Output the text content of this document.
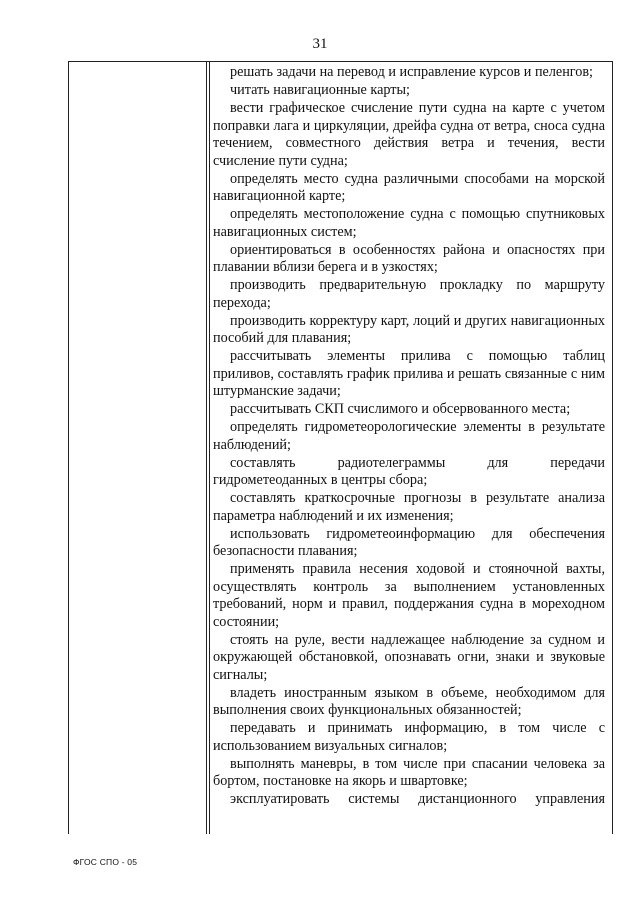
31

решать задачи на перевод и исправление курсов и пеленгов;

читать навигационные карты;

вести графическое счисление пути судна на карте с учетом поправки лага и циркуляции, дрейфа судна от ветра, сноса судна течением, совместного действия ветра и течения, вести счисление пути судна;

определять место судна различными способами на морской навигационной карте;

определять местоположение судна с помощью спутниковых навигационных систем;

ориентироваться в особенностях района и опасностях при плавании вблизи берега и в узкостях;

производить предварительную прокладку по маршруту перехода;

производить корректуру карт, лоций и других навигационных пособий для плавания;

рассчитывать элементы прилива с помощью таблиц приливов, составлять график прилива и решать связанные с ним штурманские задачи;

рассчитывать СКП счислимого и обсервованного места;

определять гидрометеорологические элементы в результате наблюдений;

составлять радиотелеграммы для передачи гидрометеоданных в центры сбора;

составлять краткосрочные прогнозы в результате анализа параметра наблюдений и их изменения;

использовать гидрометеоинформацию для обеспечения безопасности плавания;

применять правила несения ходовой и стояночной вахты, осуществлять контроль за выполнением установленных требований, норм и правил, поддержания судна в мореходном состоянии;

стоять на руле, вести надлежащее наблюдение за судном и окружающей обстановкой, опознавать огни, знаки и звуковые сигналы;

владеть иностранным языком в объеме, необходимом для выполнения своих функциональных обязанностей;

передавать и принимать информацию, в том числе с использованием визуальных сигналов;

выполнять маневры, в том числе при спасании человека за бортом, постановке на якорь и швартовке;

эксплуатировать системы дистанционного управления

ФГОС СПО - 05
